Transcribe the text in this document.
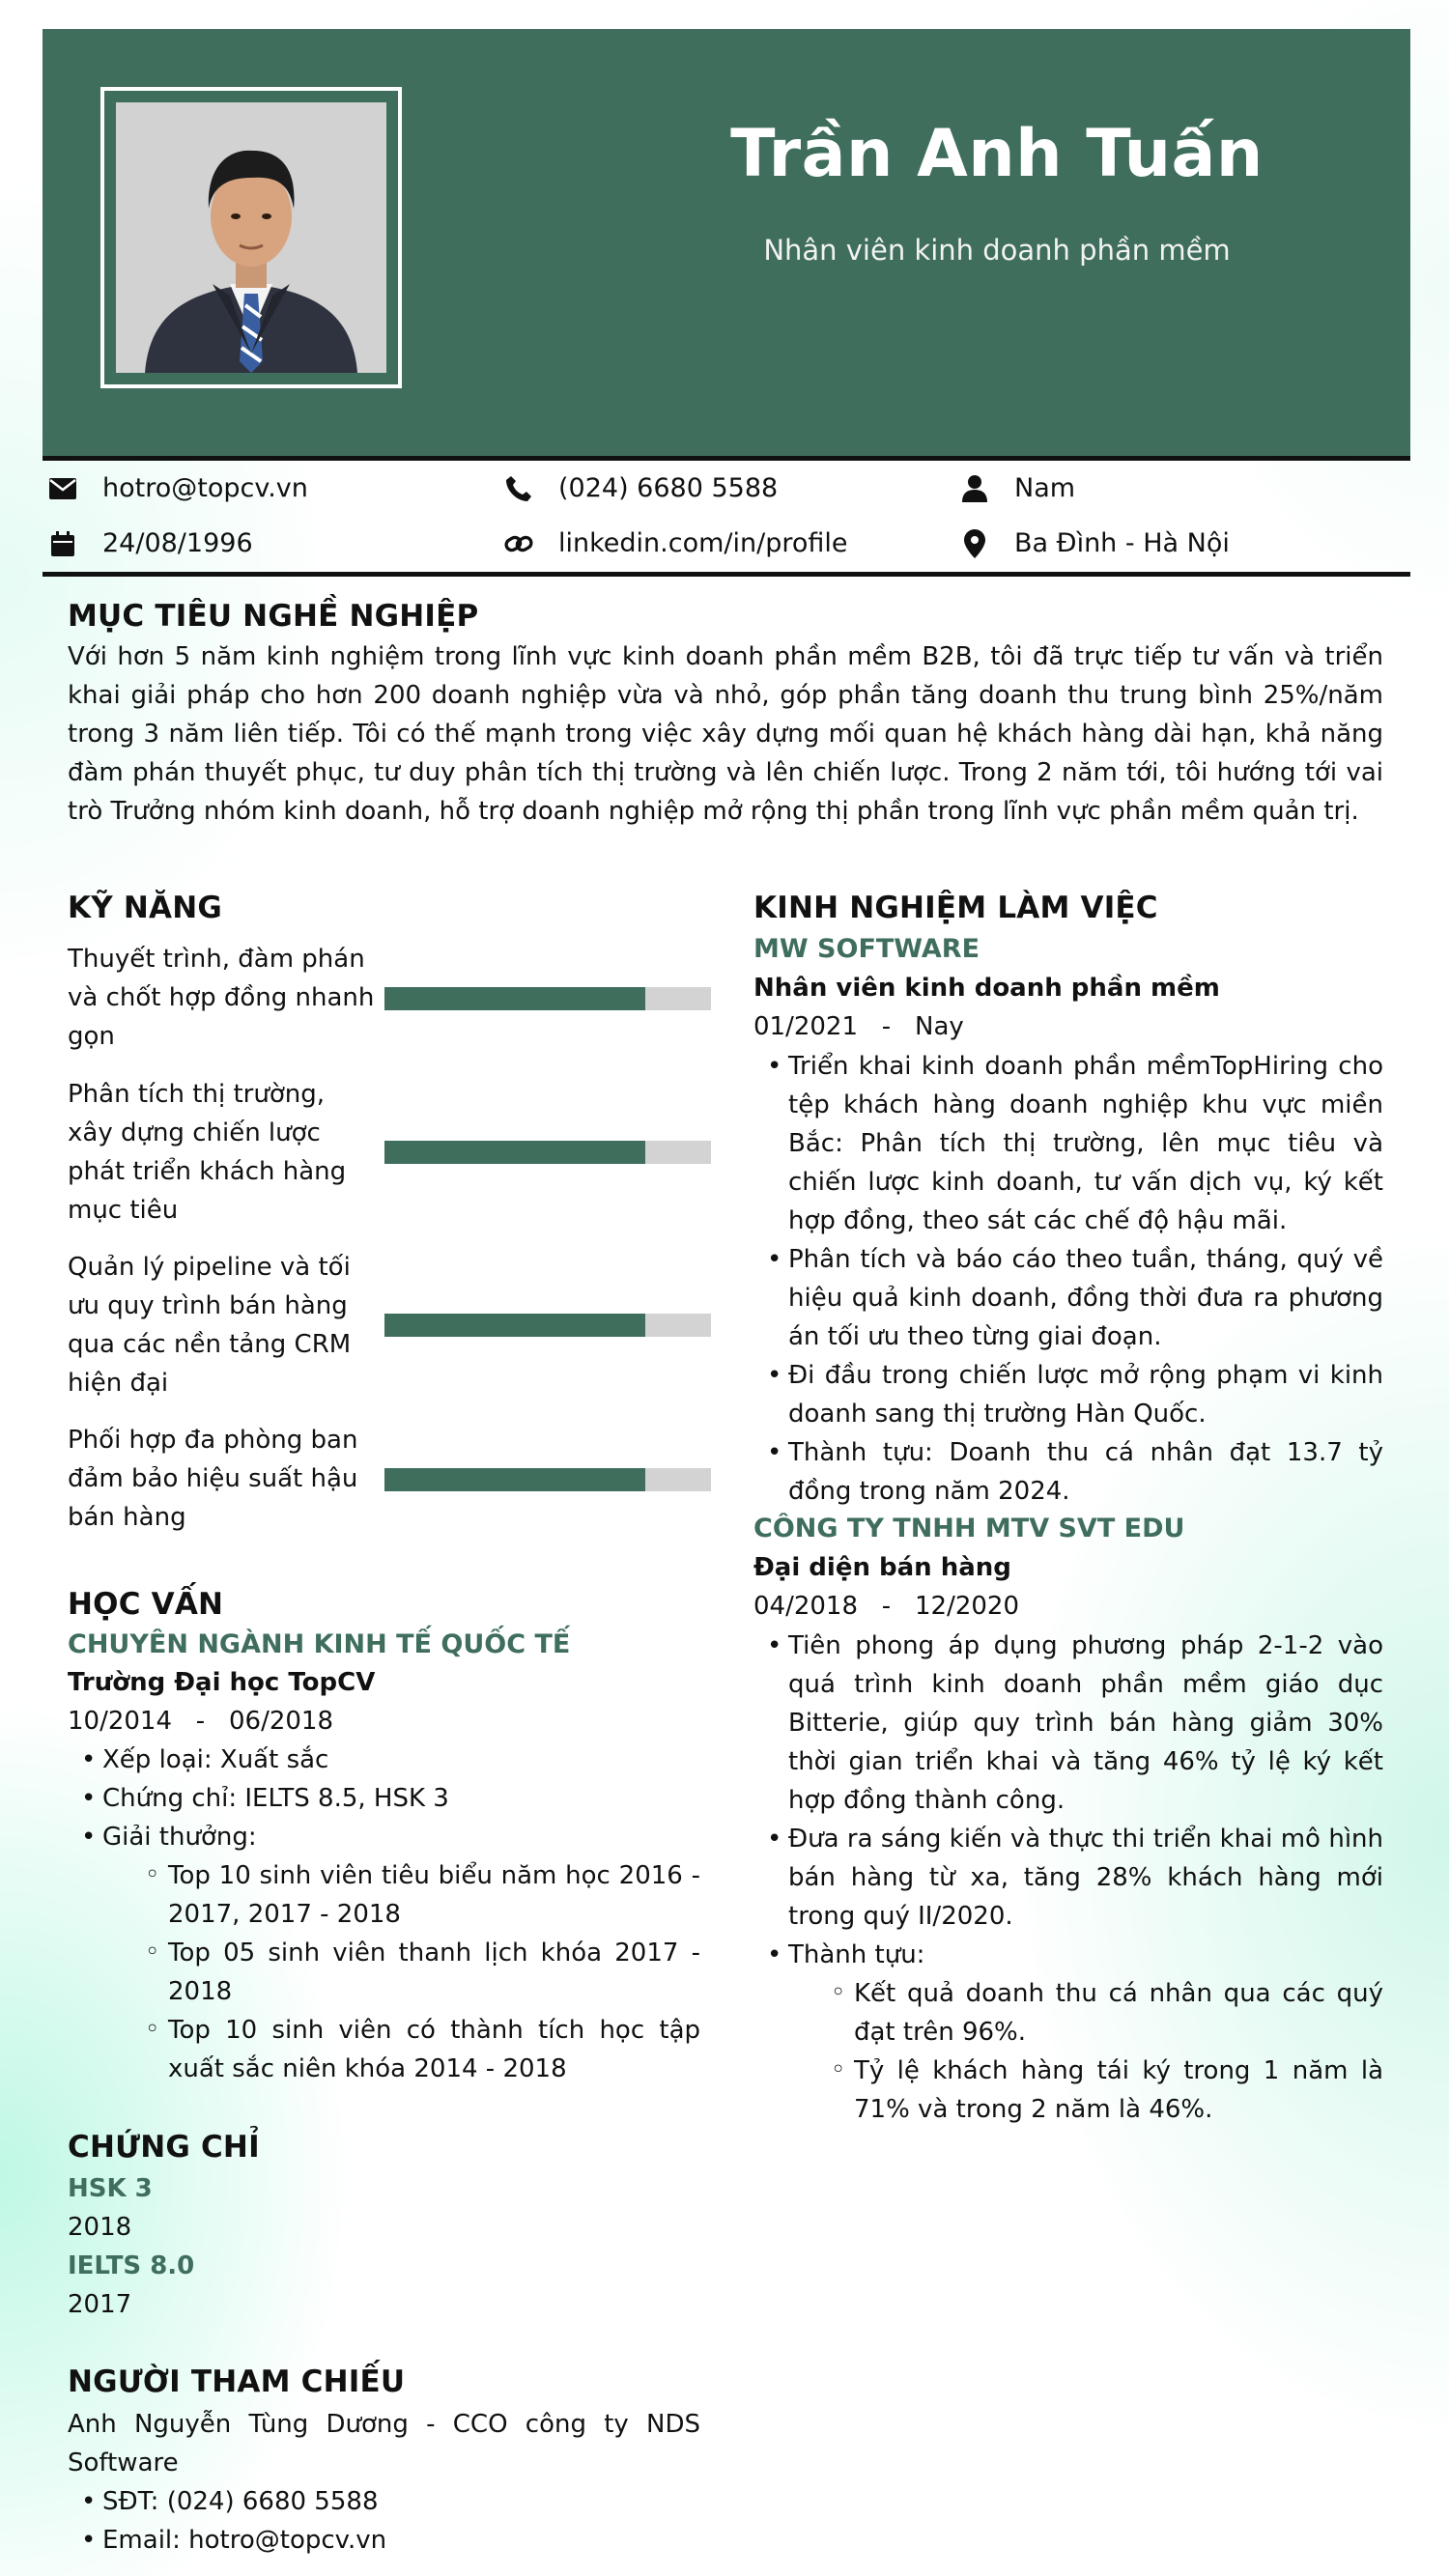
Trần Anh Tuấn
Nhân viên kinh doanh phần mềm
hotro@topcv.vn	(024) 6680 5588	Nam
24/08/1996	linkedin.com/in/profile	Ba Đình - Hà Nội
MỤC TIÊU NGHỀ NGHIỆP
Với hơn 5 năm kinh nghiệm trong lĩnh vực kinh doanh phần mềm B2B, tôi đã trực tiếp tư vấn và triển khai giải pháp cho hơn 200 doanh nghiệp vừa và nhỏ, góp phần tăng doanh thu trung bình 25%/năm trong 3 năm liên tiếp. Tôi có thế mạnh trong việc xây dựng mối quan hệ khách hàng dài hạn, khả năng đàm phán thuyết phục, tư duy phân tích thị trường và lên chiến lược. Trong 2 năm tới, tôi hướng tới vai trò Trưởng nhóm kinh doanh, hỗ trợ doanh nghiệp mở rộng thị phần trong lĩnh vực phần mềm quản trị.
KỸ NĂNG
Thuyết trình, đàm phán và chốt hợp đồng nhanh gọn
Phân tích thị trường, xây dựng chiến lược phát triển khách hàng mục tiêu
Quản lý pipeline và tối ưu quy trình bán hàng qua các nền tảng CRM hiện đại
Phối hợp đa phòng ban đảm bảo hiệu suất hậu bán hàng
HỌC VẤN
CHUYÊN NGÀNH KINH TẾ QUỐC TẾ
Trường Đại học TopCV
10/2014   -   06/2018
• Xếp loại: Xuất sắc
• Chứng chỉ: IELTS 8.5, HSK 3
• Giải thưởng:
◦ Top 10 sinh viên tiêu biểu năm học 2016 - 2017, 2017 - 2018
◦ Top 05 sinh viên thanh lịch khóa 2017 - 2018
◦ Top 10 sinh viên có thành tích học tập xuất sắc niên khóa 2014 - 2018
CHỨNG CHỈ
HSK 3
2018
IELTS 8.0
2017
NGƯỜI THAM CHIẾU
Anh Nguyễn Tùng Dương - CCO công ty NDS Software
• SĐT: (024) 6680 5588
• Email: hotro@topcv.vn
KINH NGHIỆM LÀM VIỆC
MW SOFTWARE
Nhân viên kinh doanh phần mềm
01/2021   -   Nay
• Triển khai kinh doanh phần mềmTopHiring cho tệp khách hàng doanh nghiệp khu vực miền Bắc: Phân tích thị trường, lên mục tiêu và chiến lược kinh doanh, tư vấn dịch vụ, ký kết hợp đồng, theo sát các chế độ hậu mãi.
• Phân tích và báo cáo theo tuần, tháng, quý về hiệu quả kinh doanh, đồng thời đưa ra phương án tối ưu theo từng giai đoạn.
• Đi đầu trong chiến lược mở rộng phạm vi kinh doanh sang thị trường Hàn Quốc.
• Thành tựu: Doanh thu cá nhân đạt 13.7 tỷ đồng trong năm 2024.
CÔNG TY TNHH MTV SVT EDU
Đại diện bán hàng
04/2018   -   12/2020
• Tiên phong áp dụng phương pháp 2-1-2 vào quá trình kinh doanh phần mềm giáo dục Bitterie, giúp quy trình bán hàng giảm 30% thời gian triển khai và tăng 46% tỷ lệ ký kết hợp đồng thành công.
• Đưa ra sáng kiến và thực thi triển khai mô hình bán hàng từ xa, tăng 28% khách hàng mới trong quý II/2020.
• Thành tựu:
◦ Kết quả doanh thu cá nhân qua các quý đạt trên 96%.
◦ Tỷ lệ khách hàng tái ký trong 1 năm là 71% và trong 2 năm là 46%.
